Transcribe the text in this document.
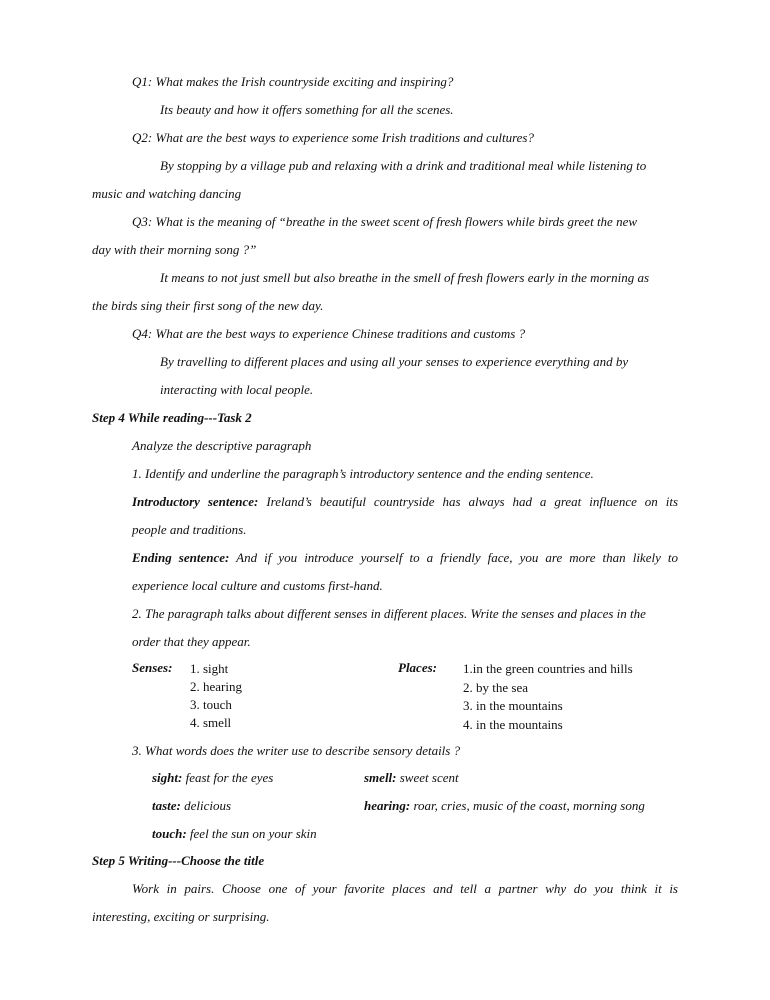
Q1: What makes the Irish countryside exciting and inspiring?
Its beauty and how it offers something for all the scenes.
Q2: What are the best ways to experience some Irish traditions and cultures?
By stopping by a village pub and relaxing with a drink and traditional meal while listening to
music and watching dancing
Q3: What is the meaning of “breathe in the sweet scent of fresh flowers while birds greet the new
day with their morning song ?”
It means to not just smell but also breathe in the smell of fresh flowers early in the morning as
the birds sing their first song of the new day.
Q4: What are the best ways to experience Chinese traditions and customs ?
By travelling to different places and using all your senses to experience everything and by
interacting with local people.
Step 4 While reading---Task 2
Analyze the descriptive paragraph
1. Identify and underline the paragraph’s introductory sentence and the ending sentence.
Introductory sentence: Ireland’s beautiful countryside has always had a great influence on its
people and traditions.
Ending sentence: And if you introduce yourself to a friendly face, you are more than likely to
experience local culture and customs first-hand.
2. The paragraph talks about different senses in different places. Write the senses and places in the
order that they appear.
Senses: 1. sight
2. hearing
3. touch
4. smell
Places: 1.in the green countries and hills
2. by the sea
3. in the mountains
4. in the mountains
3. What words does the writer use to describe sensory details ?
sight: feast for the eyes	smell: sweet scent
taste: delicious	hearing: roar, cries, music of the coast, morning song
touch: feel the sun on your skin
Step 5 Writing---Choose the title
Work in pairs. Choose one of your favorite places and tell a partner why do you think it is
interesting, exciting or surprising.
